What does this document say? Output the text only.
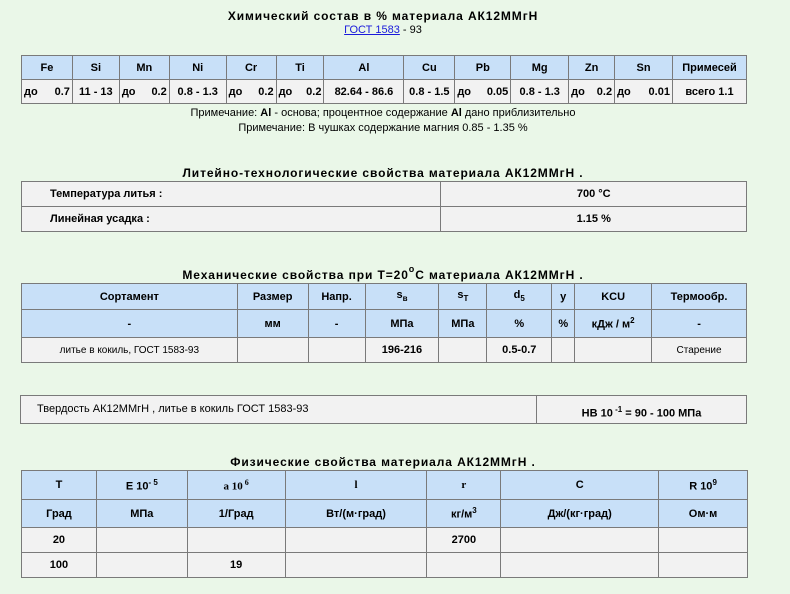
Химический состав в % материала АК12ММгН
ГОСТ 1583 - 93
Fe	Si	Mn	Ni	Cr	Ti	Al	Cu	Pb	Mg	Zn	Sn	Примесей

до 0.7	11 - 13	до 0.2	0.8 - 1.3	до 0.2	до 0.2	82.64 - 86.6	0.8 - 1.5	до 0.05	0.8 - 1.3	до 0.2	до 0.01	всего 1.1
Примечание: Al - основа; процентное содержание Al дано приблизительно
Примечание: В чушках содержание магния 0.85 - 1.35 %
Литейно-технологические свойства материала АК12ММгН .
Температура литья :	700 °С
Линейная усадка :	1.15 %
Механические свойства при $Т=20^oС$ материала АК12ММгН .
Сортамент	Размер	Напр.	$s_в$	$s_T$	$d_5$	y	KCU	Термообр.
-	мм	-	МПа	МПа	%	%	кДж / $м^2$	-
литье в кокиль, ГОСТ 1583-93			196-216		0.5-0.7			Старение
Твердость АК12ММгН , литье в кокиль ГОСТ 1583-93	НВ 10 $^{-1}$ = 90 - 100 МПа
Физические свойства материала АК12ММгН .
T	E $10^{- 5}$	a 10 $^6$	l	r	C	R $10^9$
Град	МПа	1/Град	Вт/(м·град)	$кг/м^3$	Дж/(кг·град)	Ом·м
20				2700		
100		19				
